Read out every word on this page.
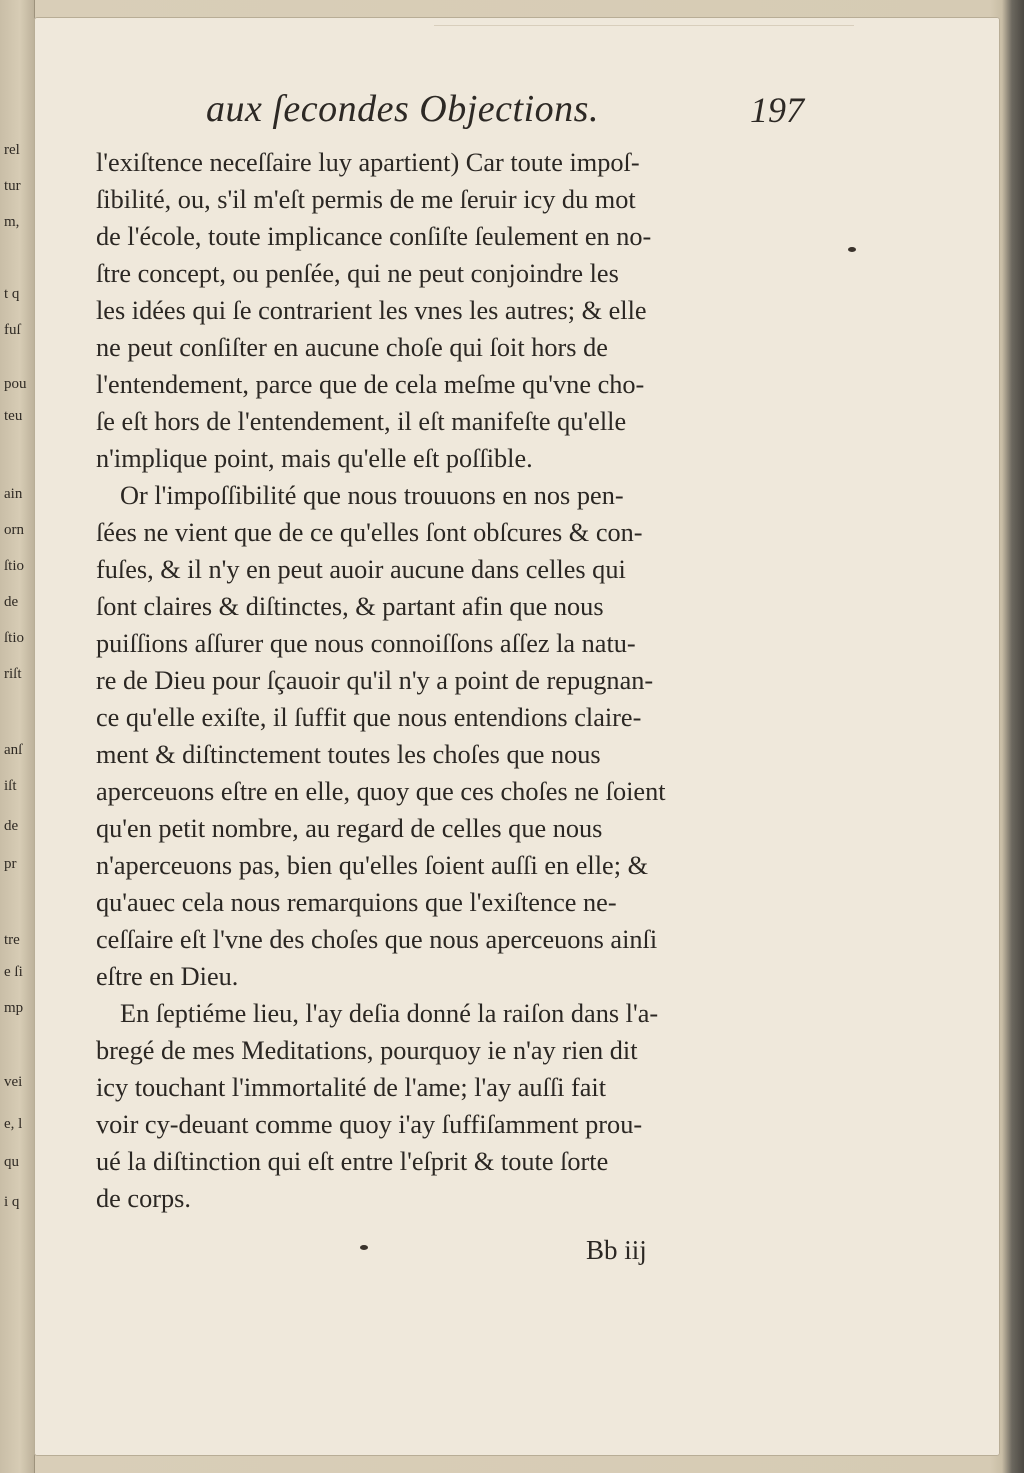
rel
tur
m,
t q
fuſ
pou
teu
ain
orn
ſtio
de
ſtio
riſt
anſ
iſt
de
pr
tre
e ſi
mp
vei
e, l
qu
i q
aux ſecondes Objections.	197
l'exiſtence neceſſaire luy apartient) Car toute impoſ-
ſibilité, ou, s'il m'eſt permis de me ſeruir icy du mot
de l'école, toute implicance conſiſte ſeulement en no-
ſtre concept, ou penſée, qui ne peut conjoindre les
les idées qui ſe contrarient les vnes les autres; & elle
ne peut conſiſter en aucune choſe qui ſoit hors de
l'entendement, parce que de cela meſme qu'vne cho-
ſe eſt hors de l'entendement, il eſt manifeſte qu'elle
n'implique point, mais qu'elle eſt poſſible.
Or l'impoſſibilité que nous trouuons en nos pen-
ſées ne vient que de ce qu'elles ſont obſcures & con-
fuſes, & il n'y en peut auoir aucune dans celles qui
ſont claires & diſtinctes, & partant afin que nous
puiſſions aſſurer que nous connoiſſons aſſez la natu-
re de Dieu pour ſçauoir qu'il n'y a point de repugnan-
ce qu'elle exiſte, il ſuffit que nous entendions claire-
ment & diſtinctement toutes les choſes que nous
aperceuons eſtre en elle, quoy que ces choſes ne ſoient
qu'en petit nombre, au regard de celles que nous
n'aperceuons pas, bien qu'elles ſoient auſſi en elle; &
qu'auec cela nous remarquions que l'exiſtence ne-
ceſſaire eſt l'vne des choſes que nous aperceuons ainſi
eſtre en Dieu.
En ſeptiéme lieu, l'ay deſia donné la raiſon dans l'a-
bregé de mes Meditations, pourquoy ie n'ay rien dit
icy touchant l'immortalité de l'ame; l'ay auſſi fait
voir cy-deuant comme quoy i'ay ſuffiſamment prou-
ué la diſtinction qui eſt entre l'eſprit & toute ſorte
de corps.
Bb iij
